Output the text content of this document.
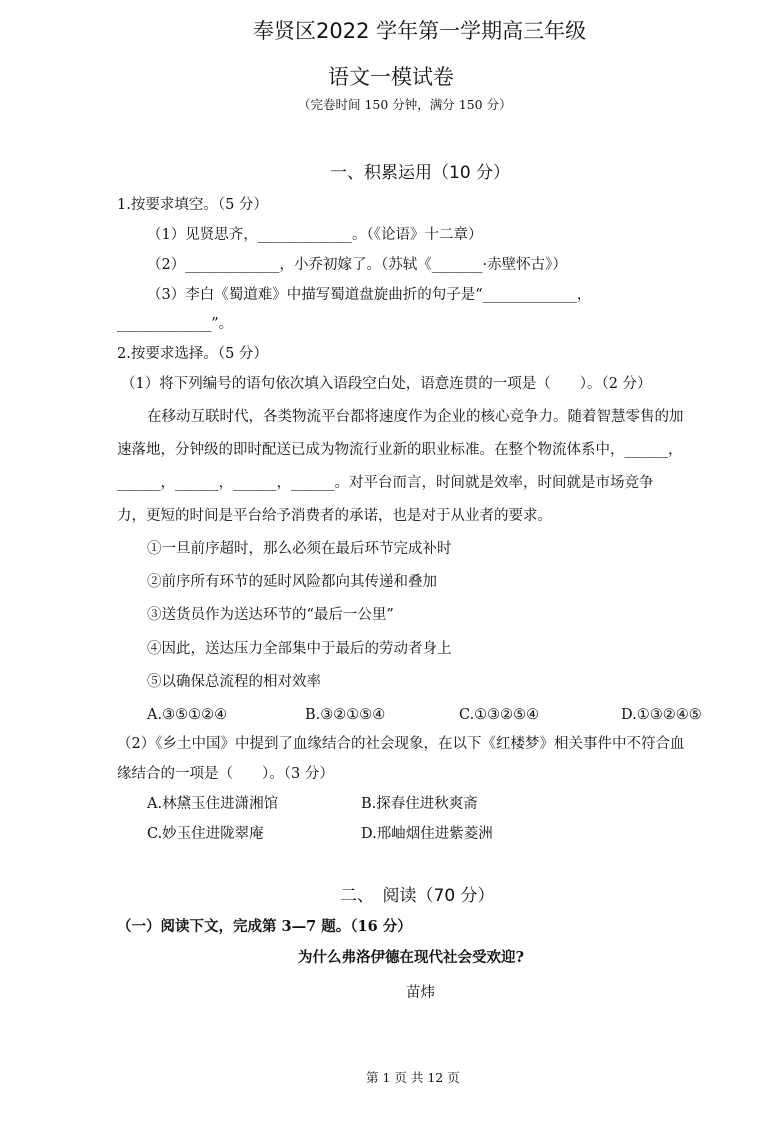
奉贤区2022 学年第一学期高三年级
语文一模试卷
（完卷时间 150 分钟，满分 150 分）
一、积累运用（10 分）
1.按要求填空。（5 分）
（1）见贤思齐，_____________。（《论语》十二章）
（2）_____________，小乔初嫁了。（苏轼《_______·赤壁怀古》）
（3）李白《蜀道难》中描写蜀道盘旋曲折的句子是“_____________，
_____________”。
2.按要求选择。（5 分）
（1）将下列编号的语句依次填入语段空白处，语意连贯的一项是（　　）。（2 分）
在移动互联时代，各类物流平台都将速度作为企业的核心竞争力。随着智慧零售的加
速落地，分钟级的即时配送已成为物流行业新的职业标准。在整个物流体系中，______，
______，______，______，______。对平台而言，时间就是效率，时间就是市场竞争
力，更短的时间是平台给予消费者的承诺，也是对于从业者的要求。
①一旦前序超时，那么必须在最后环节完成补时
②前序所有环节的延时风险都向其传递和叠加
③送货员作为送达环节的“最后一公里”
④因此，送达压力全部集中于最后的劳动者身上
⑤以确保总流程的相对效率
A.③⑤①②④	B.③②①⑤④	C.①③②⑤④	D.①③②④⑤
（2）《乡土中国》中提到了血缘结合的社会现象，在以下《红楼梦》相关事件中不符合血
缘结合的一项是（　　）。（3 分）
A.林黛玉住进潇湘馆	B.探春住进秋爽斋
C.妙玉住进陇翠庵	D.邢岫烟住进紫菱洲
二、　阅读（70 分）
（一）阅读下文，完成第 3—7 题。（16 分）
为什么弗洛伊德在现代社会受欢迎?
苗炜
第 1 页 共 12 页
